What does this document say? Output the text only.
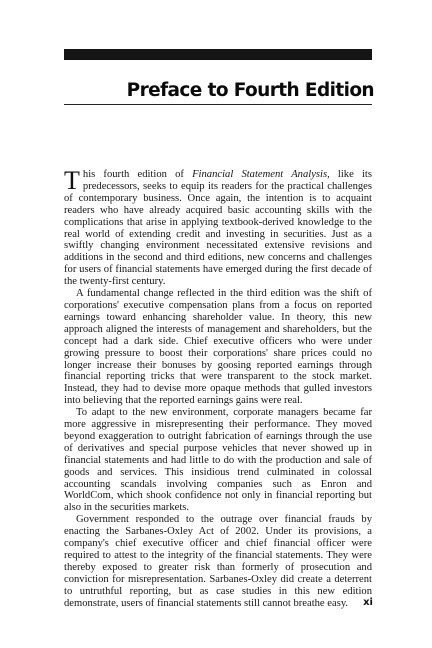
Preface to Fourth Edition

This fourth edition of Financial Statement Analysis, like its predecessors, seeks to equip its readers for the practical challenges of contemporary business. Once again, the intention is to acquaint readers who have already acquired basic accounting skills with the complications that arise in applying textbook-derived knowledge to the real world of extending credit and investing in securities. Just as a swiftly changing environment necessitated extensive revisions and additions in the second and third editions, new concerns and challenges for users of financial statements have emerged during the first decade of the twenty-first century.

A fundamental change reflected in the third edition was the shift of corporations' executive compensation plans from a focus on reported earnings toward enhancing shareholder value. In theory, this new approach aligned the interests of management and shareholders, but the concept had a dark side. Chief executive officers who were under growing pressure to boost their corporations' share prices could no longer increase their bonuses by goosing reported earnings through financial reporting tricks that were transparent to the stock market. Instead, they had to devise more opaque methods that gulled investors into believing that the reported earnings gains were real.

To adapt to the new environment, corporate managers became far more aggressive in misrepresenting their performance. They moved beyond exaggeration to outright fabrication of earnings through the use of derivatives and special purpose vehicles that never showed up in financial statements and had little to do with the production and sale of goods and services. This insidious trend culminated in colossal accounting scandals involving companies such as Enron and WorldCom, which shook confidence not only in financial reporting but also in the securities markets.

Government responded to the outrage over financial frauds by enacting the Sarbanes-Oxley Act of 2002. Under its provisions, a company's chief executive officer and chief financial officer were required to attest to the integrity of the financial statements. They were thereby exposed to greater risk than formerly of prosecution and conviction for misrepresentation. Sarbanes-Oxley did create a deterrent to untruthful reporting, but as case studies in this new edition demonstrate, users of financial statements still cannot breathe easy.	xi
